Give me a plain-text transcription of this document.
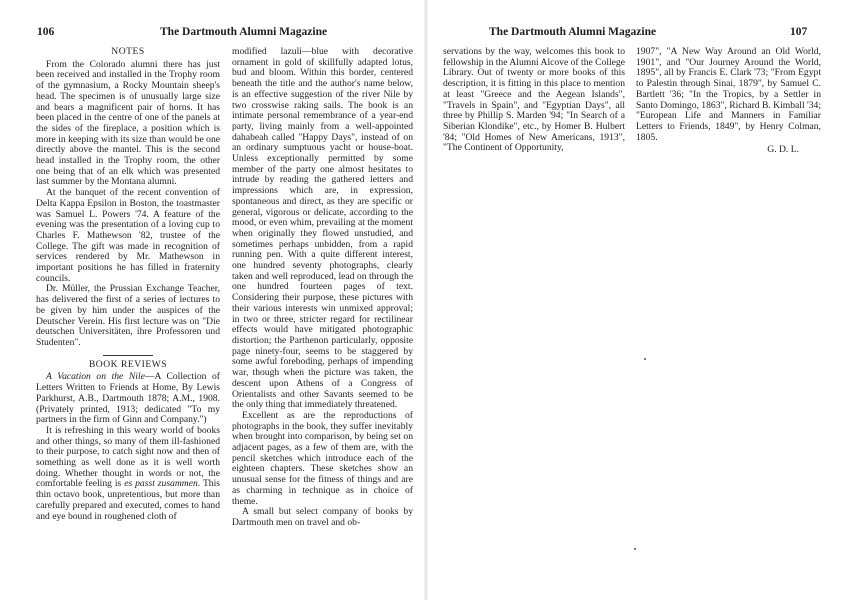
106	The Dartmouth Alumni Magazine
NOTES

From the Colorado alumni there has just been received and installed in the Trophy room of the gymnasium, a Rocky Mountain sheep's head. The specimen is of unusually large size and bears a magnificent pair of horns. It has been placed in the centre of one of the panels at the sides of the fireplace, a position which is more in keeping with its size than would be one directly above the mantel. This is the second head installed in the Trophy room, the other one being that of an elk which was presented last summer by the Montana alumni.

At the banquet of the recent convention of Delta Kappa Epsilon in Boston, the toastmaster was Samuel L. Powers '74. A feature of the evening was the presentation of a loving cup to Charles F. Mathewson '82, trustee of the College. The gift was made in recognition of services rendered by Mr. Mathewson in important positions he has filled in fraternity councils.

Dr. Müller, the Prussian Exchange Teacher, has delivered the first of a series of lectures to be given by him under the auspices of the Deutscher Verein. His first lecture was on "Die deutschen Universitäten, ihre Professoren und Studenten".

BOOK REVIEWS

A Vacation on the Nile—A Collection of Letters Written to Friends at Home, By Lewis Parkhurst, A.B., Dartmouth 1878; A.M., 1908. (Privately printed, 1913; dedicated "To my partners in the firm of Ginn and Company.")

It is refreshing in this weary world of books and other things, so many of them ill-fashioned to their purpose, to catch sight now and then of something as well done as it is well worth doing. Whether thought in words or not, the comfortable feeling is es passt zusammen. This thin octavo book, unpretentious, but more than carefully prepared and executed, comes to hand and eye bound in roughened cloth of

modified lazuli—blue with decorative ornament in gold of skillfully adapted lotus, bud and bloom. Within this border, centered beneath the title and the author's name below, is an effective suggestion of the river Nile by two crosswise raking sails. The book is an intimate personal remembrance of a year-end party, living mainly from a well-appointed dahabeah called "Happy Days", instead of on an ordinary sumptuous yacht or house-boat. Unless exceptionally permitted by some member of the party one almost hesitates to intrude by reading the gathered letters and impressions which are, in expression, spontaneous and direct, as they are specific or general, vigorous or delicate, according to the mood, or even whim, prevailing at the moment when originally they flowed unstudied, and sometimes perhaps unbidden, from a rapid running pen. With a quite different interest, one hundred seventy photographs, clearly taken and well reproduced, lead on through the one hundred fourteen pages of text. Considering their purpose, these pictures with their various interests win unmixed approval; in two or three, stricter regard for rectilinear effects would have mitigated photographic distortion; the Parthenon particularly, opposite page ninety-four, seems to be staggered by some awful foreboding, perhaps of impending war, though when the picture was taken, the descent upon Athens of a Congress of Orientalists and other Savants seemed to be the only thing that immediately threatened.

Excellent as are the reproductions of photographs in the book, they suffer inevitably when brought into comparison, by being set on adjacent pages, as a few of them are, with the pencil sketches which introduce each of the eighteen chapters. These sketches show an unusual sense for the fitness of things and are as charming in technique as in choice of theme.

A small but select company of books by Dartmouth men on travel and ob-

The Dartmouth Alumni Magazine	107

servations by the way, welcomes this book to fellowship in the Alumni Alcove of the College Library. Out of twenty or more books of this description, it is fitting in this place to mention at least "Greece and the Aegean Islands", "Travels in Spain", and "Egyptian Days", all three by Phillip S. Marden '94; "In Search of a Siberian Klondike", etc., by Homer B. Hulbert '84; "Old Homes of New Americans, 1913", "The Continent of Opportunity,

1907", "A New Way Around an Old World, 1901", and "Our Journey Around the World, 1895", all by Francis E. Clark '73; "From Egypt to Palestin through Sinai, 1879", by Samuel C. Bartlett '36; "In the Tropics, by a Settler in Santo Domingo, 1863", Richard B. Kimball '34; "European Life and Manners in Familiar Letters to Friends, 1849", by Henry Colman, 1805.

G. D. L.
